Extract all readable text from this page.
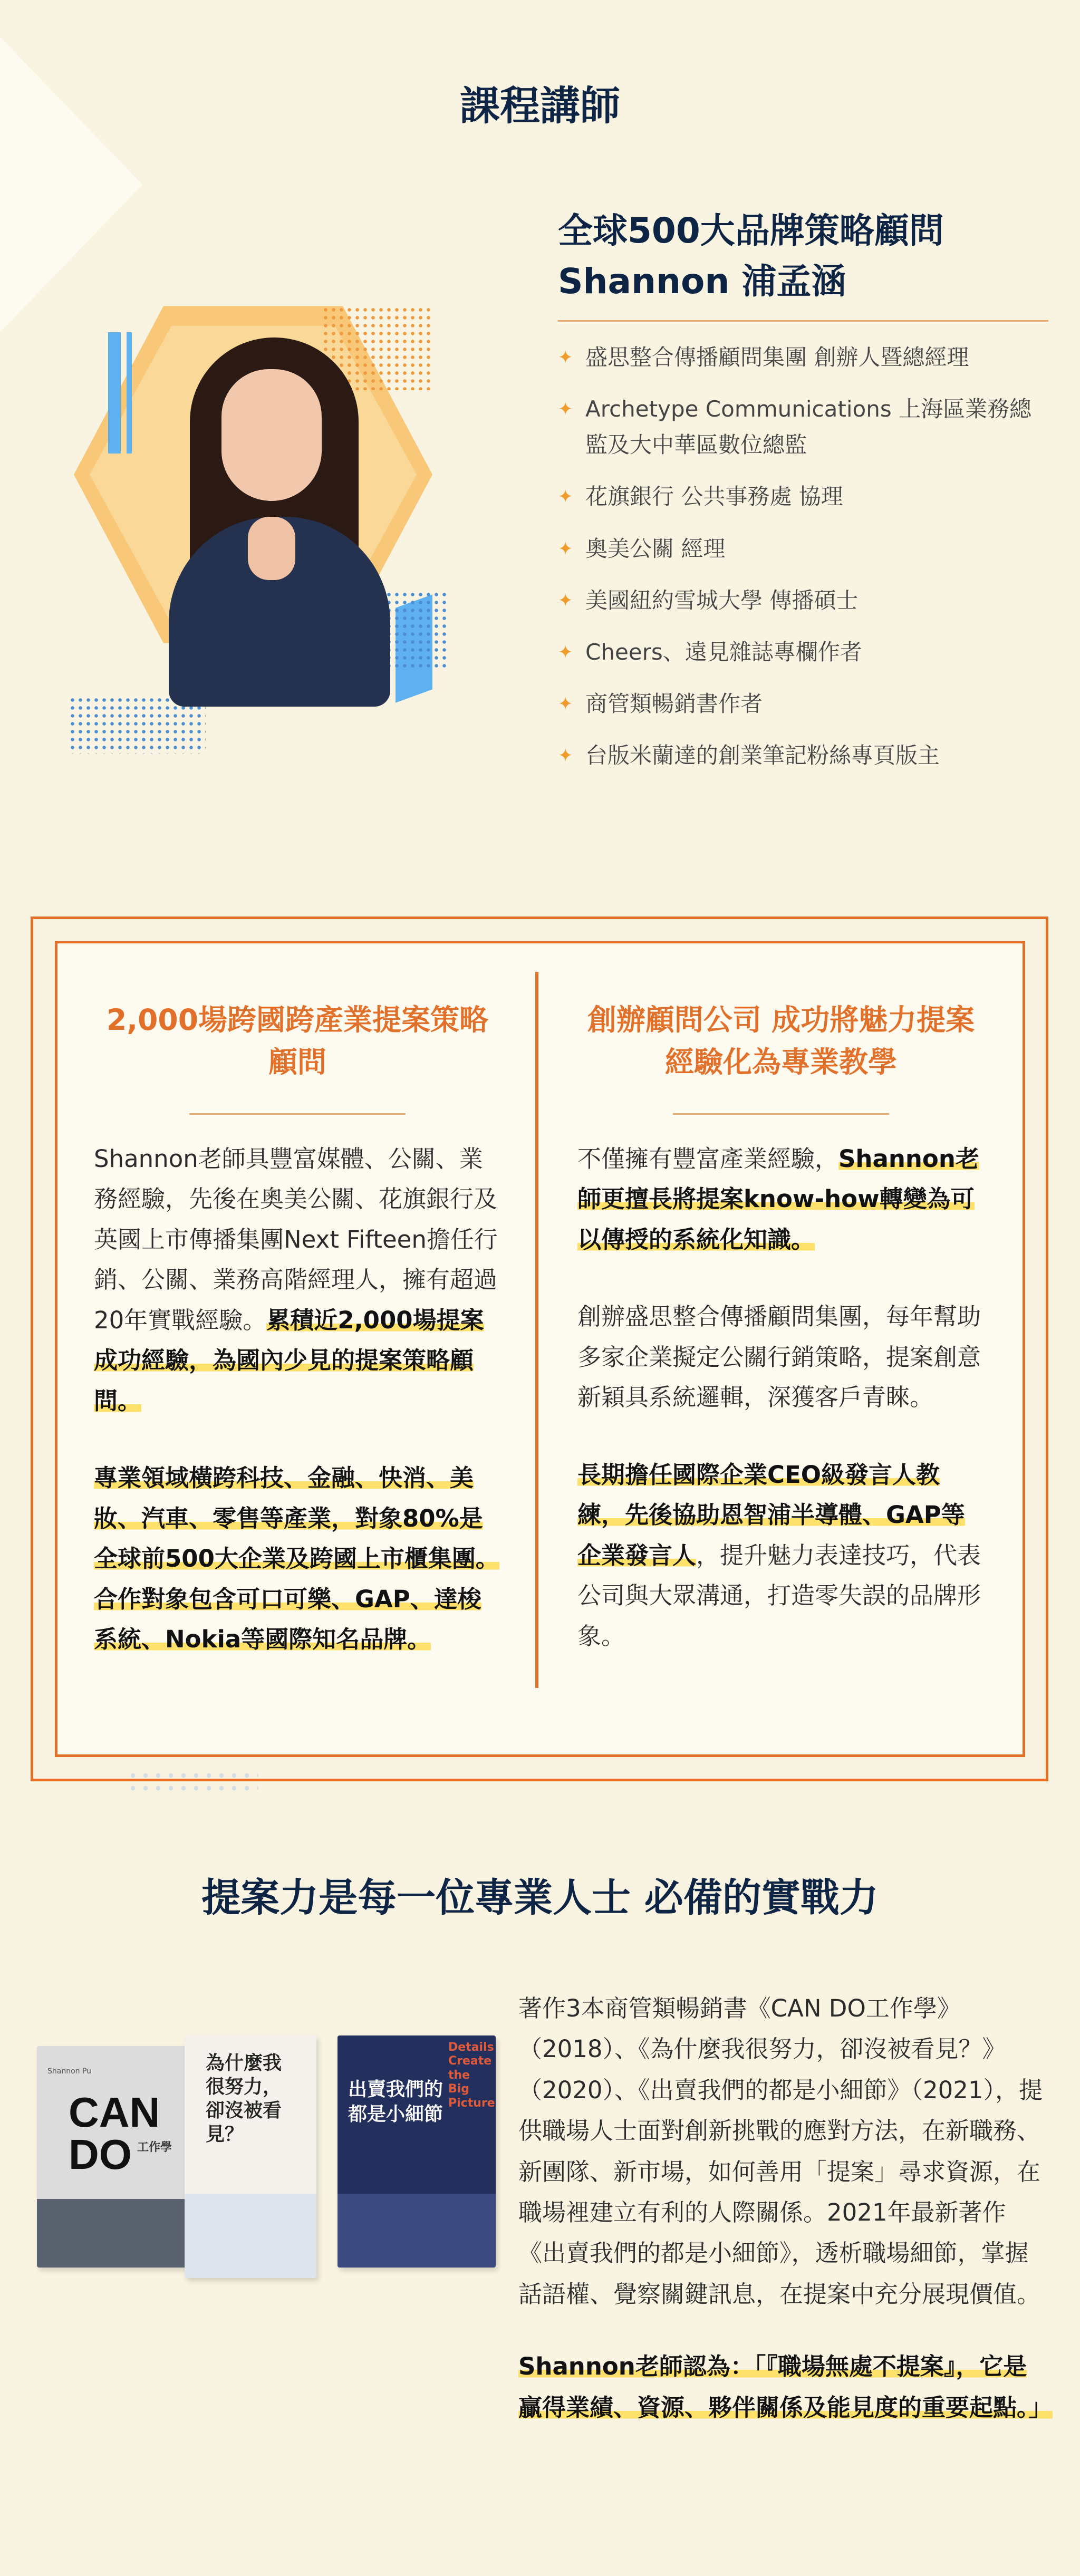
課程講師
全球500大品牌策略顧問
Shannon 浦孟涵
✦ 盛思整合傳播顧問集團 創辦人暨總經理
✦ Archetype Communications 上海區業務總監及大中華區數位總監
✦ 花旗銀行 公共事務處 協理
✦ 奧美公關 經理
✦ 美國紐約雪城大學 傳播碩士
✦ Cheers、遠見雜誌專欄作者
✦ 商管類暢銷書作者
✦ 台版米蘭達的創業筆記粉絲專頁版主
2,000場跨國跨產業提案策略顧問

Shannon老師具豐富媒體、公關、業務經驗，先後在奧美公關、花旗銀行及英國上市傳播集團Next Fifteen擔任行銷、公關、業務高階經理人，擁有超過20年實戰經驗。累積近2,000場提案成功經驗，為國內少見的提案策略顧問。

專業領域橫跨科技、金融、快消、美妝、汽車、零售等產業，對象80%是全球前500大企業及跨國上市櫃集團。合作對象包含可口可樂、GAP、達梭系統、Nokia等國際知名品牌。

創辦顧問公司 成功將魅力提案經驗化為專業教學

不僅擁有豐富產業經驗，Shannon老師更擅長將提案know-how轉變為可以傳授的系統化知識。

創辦盛思整合傳播顧問集團，每年幫助多家企業擬定公關行銷策略，提案創意新穎具系統邏輯，深獲客戶青睞。

長期擔任國際企業CEO級發言人教練，先後協助恩智浦半導體、GAP等企業發言人，提升魅力表達技巧，代表公司與大眾溝通，打造零失誤的品牌形象。

提案力是每一位專業人士 必備的實戰力
CAN
DO 工作學
Shannon Pu	為什麼我很努力，卻沒被看見？
出賣我們的都是小細節
Details Create the Big Picture

著作3本商管類暢銷書《CAN DO工作學》（2018）、《為什麼我很努力，卻沒被看見？》（2020）、《出賣我們的都是小細節》（2021），提供職場人士面對創新挑戰的應對方法，在新職務、新團隊、新市場，如何善用「提案」尋求資源，在職場裡建立有利的人際關係。2021年最新著作《出賣我們的都是小細節》，透析職場細節，掌握話語權、覺察關鍵訊息，在提案中充分展現價值。

Shannon老師認為：「『職場無處不提案』，它是贏得業績、資源、夥伴關係及能見度的重要起點。」
